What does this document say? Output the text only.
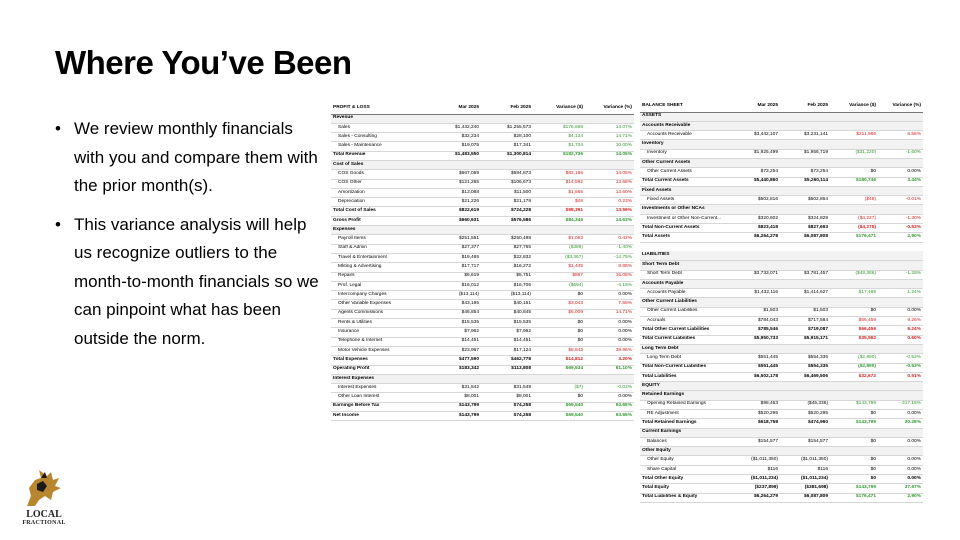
Where You’ve Been
• We review monthly financials with you and compare them with the prior month(s).
• This variance analysis will help us recognize outliers to the month-to-month financials so we can pinpoint what has been outside the norm.
LOCAL
FRACTIONAL
PROFIT & LOSS	Mar 2025	Feb 2025	Variance ($)	Variance (%)
Revenue				
Sales	$1,432,240	$1,255,573	$176,668	14.07%
Sales - Consulting	$32,234	$28,100	$4,134	14.71%
Sales - Maintenance	$19,075	$17,341	$1,734	10.00%
Total Revenue	$1,483,550	$1,300,814	$182,736	14.05%
Cost of Sales				
COS Goods	$667,059	$584,873	$82,186	14.05%
COS Other	$121,265	$106,673	$14,592	13.68%
Amortization	$13,068	$11,500	$1,565	13.60%
Depreciation	$21,226	$21,178	$48	0.23%
Total Cost of Sales	$822,619	$724,228	$98,391	13.59%
Gross Profit	$660,931	$576,586	$84,345	14.63%
Expenses				
Payroll Items	$251,551	$250,498	$1,053	0.42%
Staff & Admin	$27,377	$27,765	($388)	-1.40%
Travel & Entertainment	$19,465	$22,832	($3,367)	-14.75%
Mkting & Advertising	$17,717	$16,272	$1,445	8.88%
Repairs	$6,619	$5,751	$867	15.08%
Prof. Legal	$16,012	$16,705	($694)	-4.15%
Intercompany Charges	($13,114)	($13,114)	$0	0.00%
Other Variable Expenses	$43,195	$40,151	$3,043	7.58%
Agents Commissions	$46,854	$40,845	$6,009	14.71%
Rents & Utilities	$15,535	$15,535	$0	0.00%
Insurance	$7,962	$7,962	$0	0.00%
Telephone & Internet	$14,451	$14,451	$0	0.00%
Motor Vehicle Expenses	$23,967	$17,124	$6,843	39.96%
Total Expenses	$477,590	$462,778	$14,812	3.20%
Operating Profit	$183,342	$113,808	$69,534	61.10%
Interest Expenses				
Interest Expenses	$31,542	$31,549	($7)	-0.02%
Other Loan Interest	$8,001	$8,001	$0	0.00%
Earnings Before Tax	$143,799	$74,258	$69,540	93.65%
Net Income	$143,799	$74,258	$69,540	93.65%
BALANCE SHEET	Mar 2025	Feb 2025	Variance ($)	Variance (%)
ASSETS				
Accounts Receivable				
Accounts Receivable	$3,442,107	$3,231,141	$211,966	6.56%
Inventory				
Inventory	$1,925,499	$1,956,719	($31,220)	-1.60%
Other Current Assets				
Other Current Assets	$73,254	$73,254	$0	0.00%
Total Current Assets	$5,440,860	$5,260,114	$180,746	3.44%
Fixed Assets				
Fixed Assets	$502,816	$502,864	($48)	-0.01%
Investments or Other NCAs				
Investment or Other Non-Current...	$320,602	$324,829	($4,227)	-1.30%
Total Non-Current Assets	$823,418	$827,693	($4,275)	-0.52%
Total Assets	$6,264,278	$6,087,808	$176,471	2.90%

LIABILITIES				
Short Term Debt				
Short Term Debt	$3,733,071	$3,781,457	($48,386)	-1.28%
Accounts Payable				
Accounts Payable	$1,432,116	$1,414,627	$17,489	1.24%
Other Current Liabilities				
Other Current Liabilities	$1,503	$1,503	$0	0.00%
Accruals	$784,043	$717,584	$66,459	9.26%
Total Other Current Liabilities	$785,546	$719,087	$66,459	9.24%
Total Current Liabilities	$5,950,733	$5,915,171	$35,562	0.60%
Long Term Debt				
Long Term Debt	$551,445	$554,335	($2,890)	-0.52%
Total Non-Current Liabilities	$551,445	$554,335	($2,890)	-0.52%
Total Liabilities	$6,502,178	$6,469,506	$32,672	0.51%
EQUITY				
Retained Earnings				
Opening Retained Earnings	$98,463	($45,336)	$143,799	-317.19%
RE Adjustment	$520,295	$520,295	$0	0.00%
Total Retained Earnings	$618,758	$474,960	$143,799	30.28%
Current Earnings				
Balances	$154,577	$154,577	$0	0.00%
Other Equity				
Other Equity	($1,011,350)	($1,011,350)	$0	0.00%
Share Capital	$116	$116	$0	0.00%
Total Other Equity	($1,011,234)	($1,011,234)	$0	0.00%
Total Equity	($237,899)	($381,698)	$143,799	37.67%
Total Liabilities & Equity	$6,264,279	$6,087,809	$176,471	2.90%
